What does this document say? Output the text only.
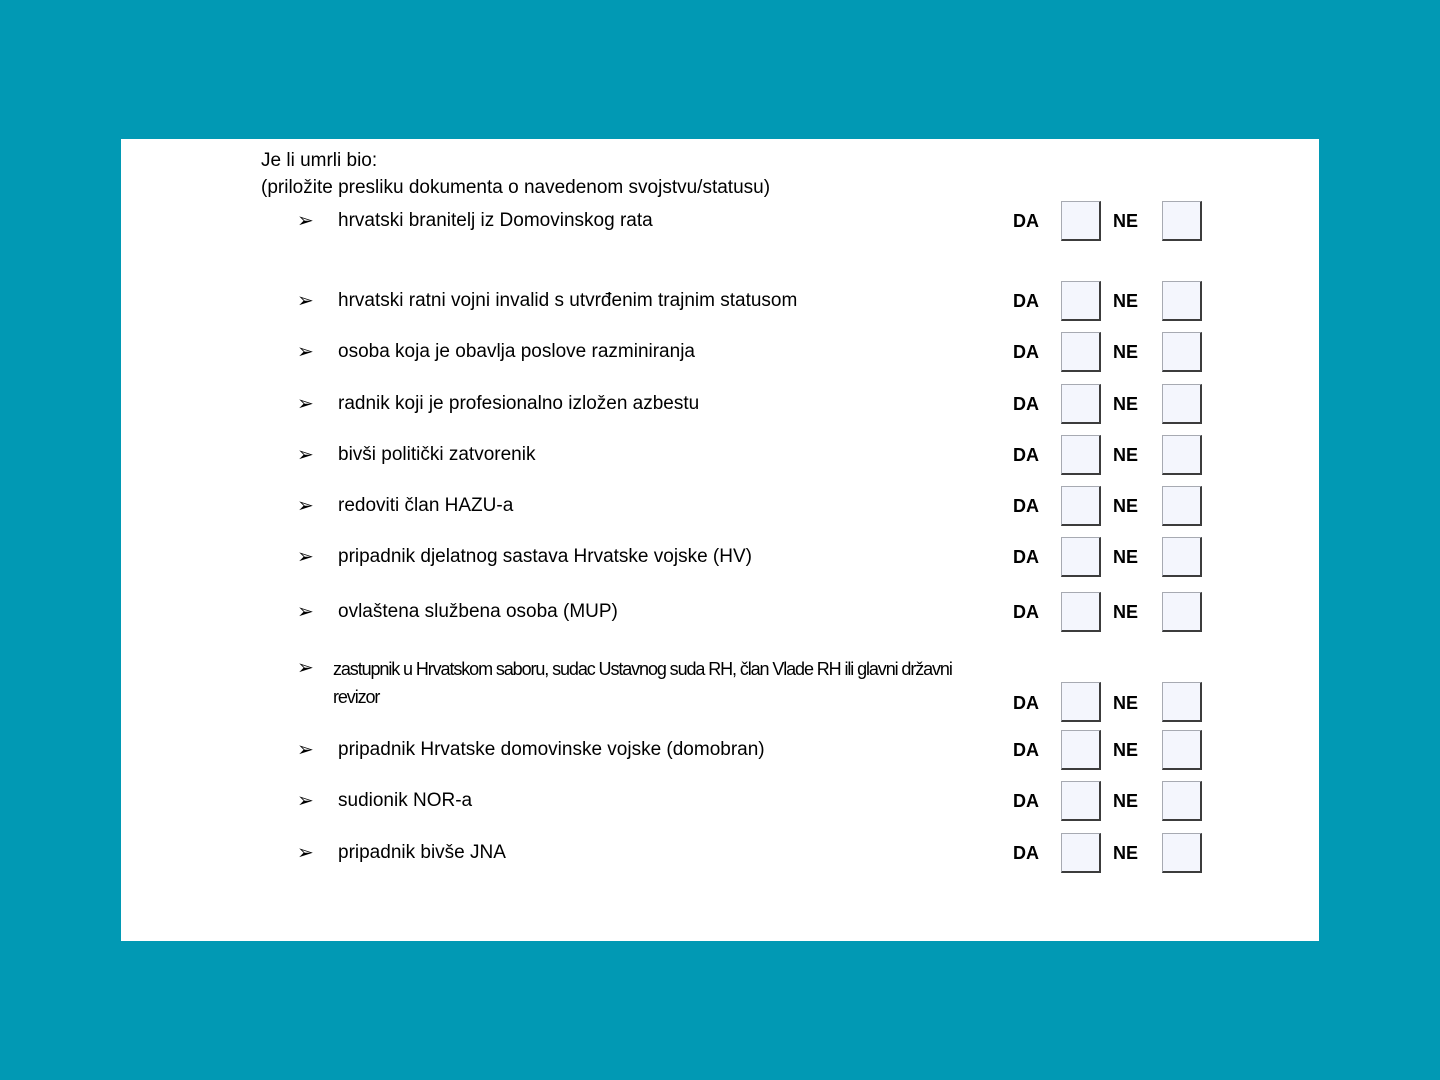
Je li umrli bio:
(priložite presliku dokumenta o navedenom svojstvu/statusu)
➢ hrvatski branitelj iz Domovinskog rata	DA	NE
➢ hrvatski ratni vojni invalid s utvrđenim trajnim statusom	DA	NE
➢ osoba koja je obavlja poslove razminiranja	DA	NE
➢ radnik koji je profesionalno izložen azbestu	DA	NE
➢ bivši politički zatvorenik	DA	NE
➢ redoviti član HAZU-a	DA	NE
➢ pripadnik djelatnog sastava Hrvatske vojske (HV)	DA	NE
➢ ovlaštena službena osoba (MUP)	DA	NE
➢ zastupnik u Hrvatskom saboru, sudac Ustavnog suda RH, član Vlade RH ili glavni državni revizor	DA	NE
➢ pripadnik Hrvatske domovinske vojske (domobran)	DA	NE
➢ sudionik NOR-a	DA	NE
➢ pripadnik bivše JNA	DA	NE
